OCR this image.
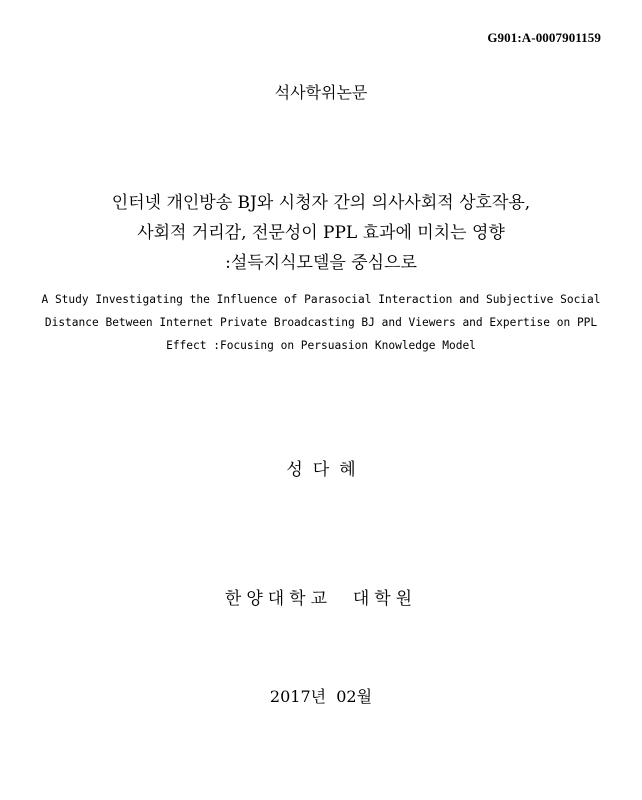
G901:A-0007901159
석사학위논문
인터넷 개인방송 BJ와 시청자 간의 의사사회적 상호작용,
사회적 거리감, 전문성이 PPL 효과에 미치는 영향
:설득지식모델을 중심으로
A Study Investigating the Influence of Parasocial Interaction and Subjective Social
Distance Between Internet Private Broadcasting BJ and Viewers and Expertise on PPL
Effect :Focusing on Persuasion Knowledge Model
성다혜
한양대학교  대학원
2017년  02월
